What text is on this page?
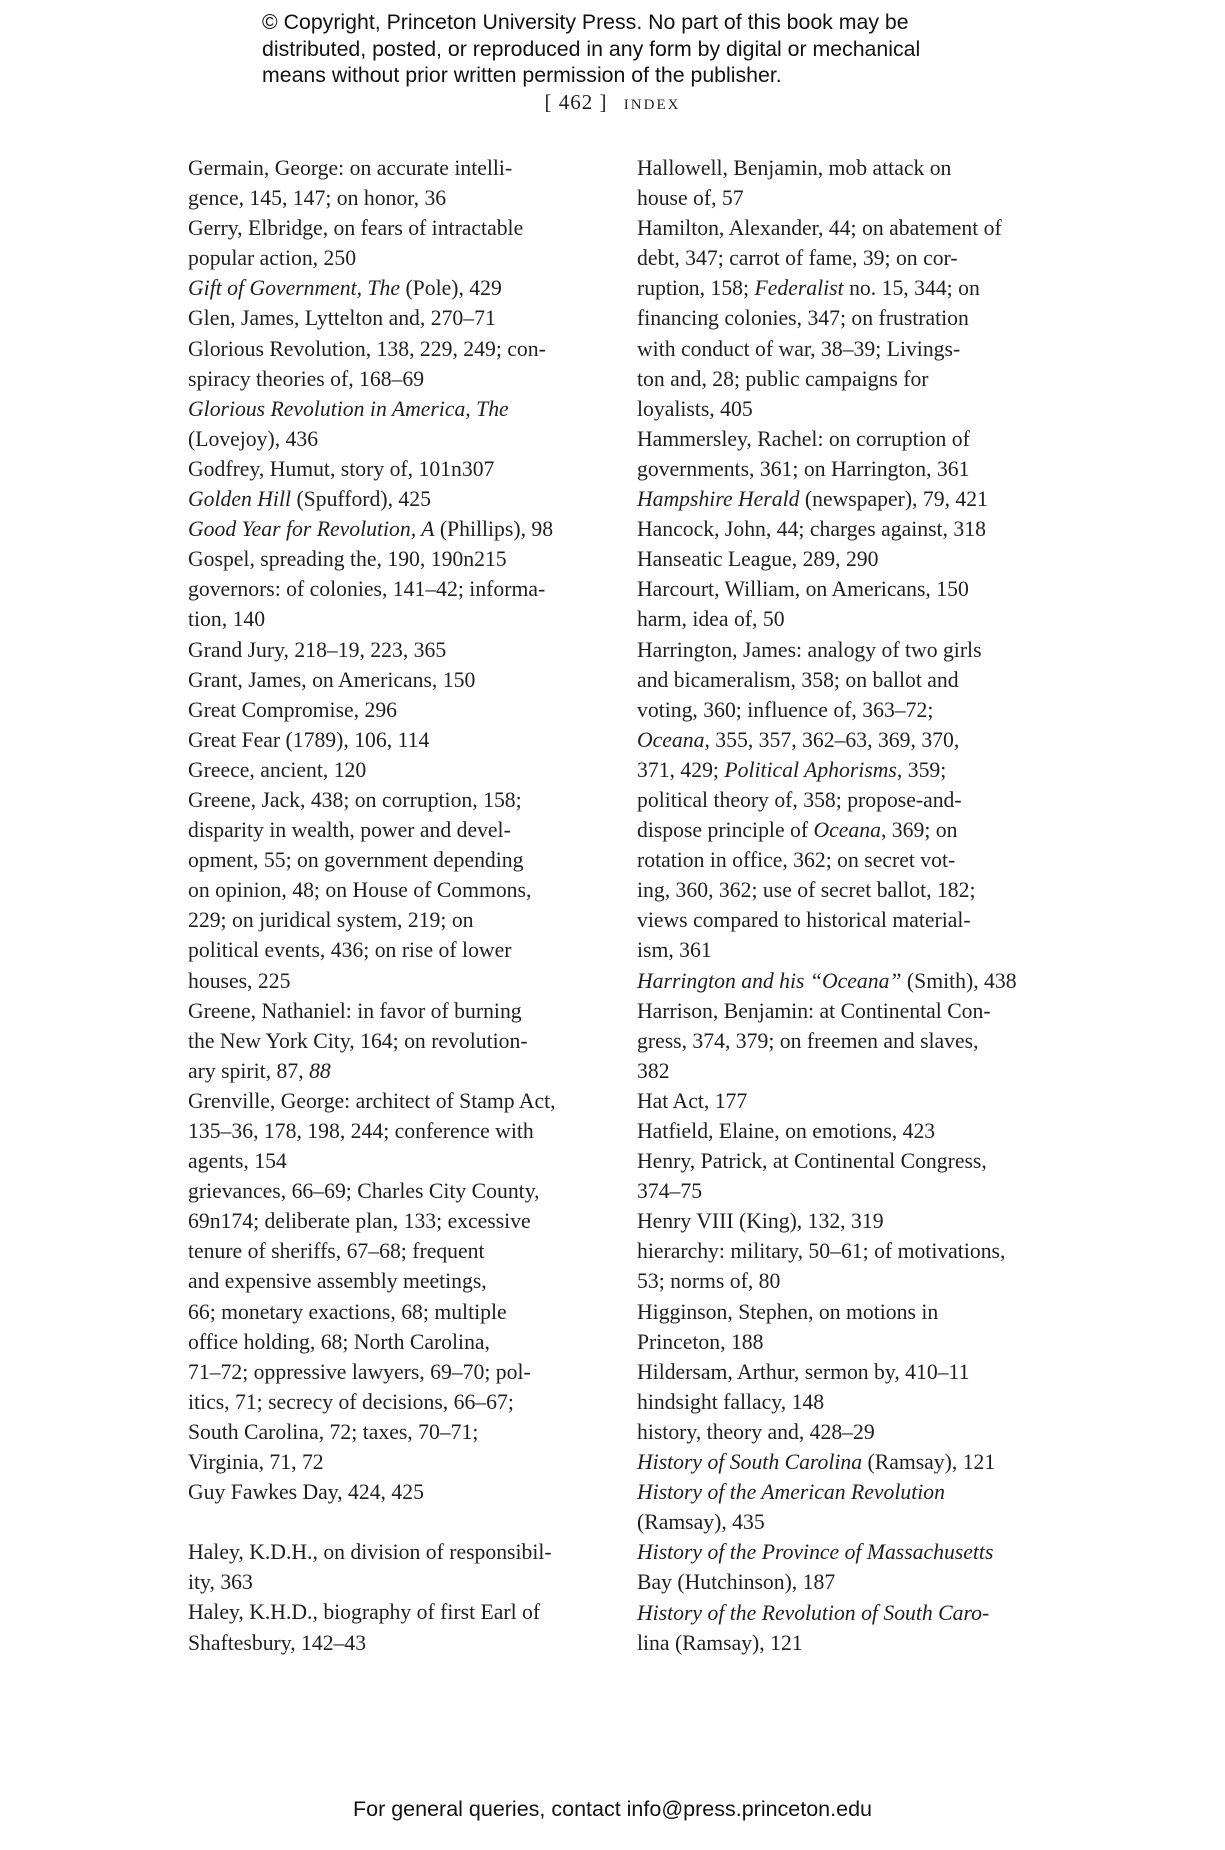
© Copyright, Princeton University Press. No part of this book may be
distributed, posted, or reproduced in any form by digital or mechanical
means without prior written permission of the publisher.
[ 462 ] index
Germain, George: on accurate intelli-
gence, 145, 147; on honor, 36
Gerry, Elbridge, on fears of intractable
popular action, 250
Gift of Government, The (Pole), 429
Glen, James, Lyttelton and, 270–71
Glorious Revolution, 138, 229, 249; con-
spiracy theories of, 168–69
Glorious Revolution in America, The
(Lovejoy), 436
Godfrey, Humut, story of, 101n307
Golden Hill (Spufford), 425
Good Year for Revolution, A (Phillips), 98
Gospel, spreading the, 190, 190n215
governors: of colonies, 141–42; informa-
tion, 140
Grand Jury, 218–19, 223, 365
Grant, James, on Americans, 150
Great Compromise, 296
Great Fear (1789), 106, 114
Greece, ancient, 120
Greene, Jack, 438; on corruption, 158;
disparity in wealth, power and devel-
opment, 55; on government depending
on opinion, 48; on House of Commons,
229; on juridical system, 219; on
political events, 436; on rise of lower
houses, 225
Greene, Nathaniel: in favor of burning
the New York City, 164; on revolution-
ary spirit, 87, 88
Grenville, George: architect of Stamp Act,
135–36, 178, 198, 244; conference with
agents, 154
grievances, 66–69; Charles City County,
69n174; deliberate plan, 133; excessive
tenure of sheriffs, 67–68; frequent
and expensive assembly meetings,
66; monetary exactions, 68; multiple
office holding, 68; North Carolina,
71–72; oppressive lawyers, 69–70; pol-
itics, 71; secrecy of decisions, 66–67;
South Carolina, 72; taxes, 70–71;
Virginia, 71, 72
Guy Fawkes Day, 424, 425
Haley, K.D.H., on division of responsibil-
ity, 363
Haley, K.H.D., biography of first Earl of
Shaftesbury, 142–43
Hallowell, Benjamin, mob attack on
house of, 57
Hamilton, Alexander, 44; on abatement of
debt, 347; carrot of fame, 39; on cor-
ruption, 158; Federalist no. 15, 344; on
financing colonies, 347; on frustration
with conduct of war, 38–39; Livings-
ton and, 28; public campaigns for
loyalists, 405
Hammersley, Rachel: on corruption of
governments, 361; on Harrington, 361
Hampshire Herald (newspaper), 79, 421
Hancock, John, 44; charges against, 318
Hanseatic League, 289, 290
Harcourt, William, on Americans, 150
harm, idea of, 50
Harrington, James: analogy of two girls
and bicameralism, 358; on ballot and
voting, 360; influence of, 363–72;
Oceana, 355, 357, 362–63, 369, 370,
371, 429; Political Aphorisms, 359;
political theory of, 358; propose-and-
dispose principle of Oceana, 369; on
rotation in office, 362; on secret vot-
ing, 360, 362; use of secret ballot, 182;
views compared to historical material-
ism, 361
Harrington and his “Oceana” (Smith), 438
Harrison, Benjamin: at Continental Con-
gress, 374, 379; on freemen and slaves,
382
Hat Act, 177
Hatfield, Elaine, on emotions, 423
Henry, Patrick, at Continental Congress,
374–75
Henry VIII (King), 132, 319
hierarchy: military, 50–61; of motivations,
53; norms of, 80
Higginson, Stephen, on motions in
Princeton, 188
Hildersam, Arthur, sermon by, 410–11
hindsight fallacy, 148
history, theory and, 428–29
History of South Carolina (Ramsay), 121
History of the American Revolution
(Ramsay), 435
History of the Province of Massachusetts
Bay (Hutchinson), 187
History of the Revolution of South Caro-
lina (Ramsay), 121
For general queries, contact info@press.princeton.edu
